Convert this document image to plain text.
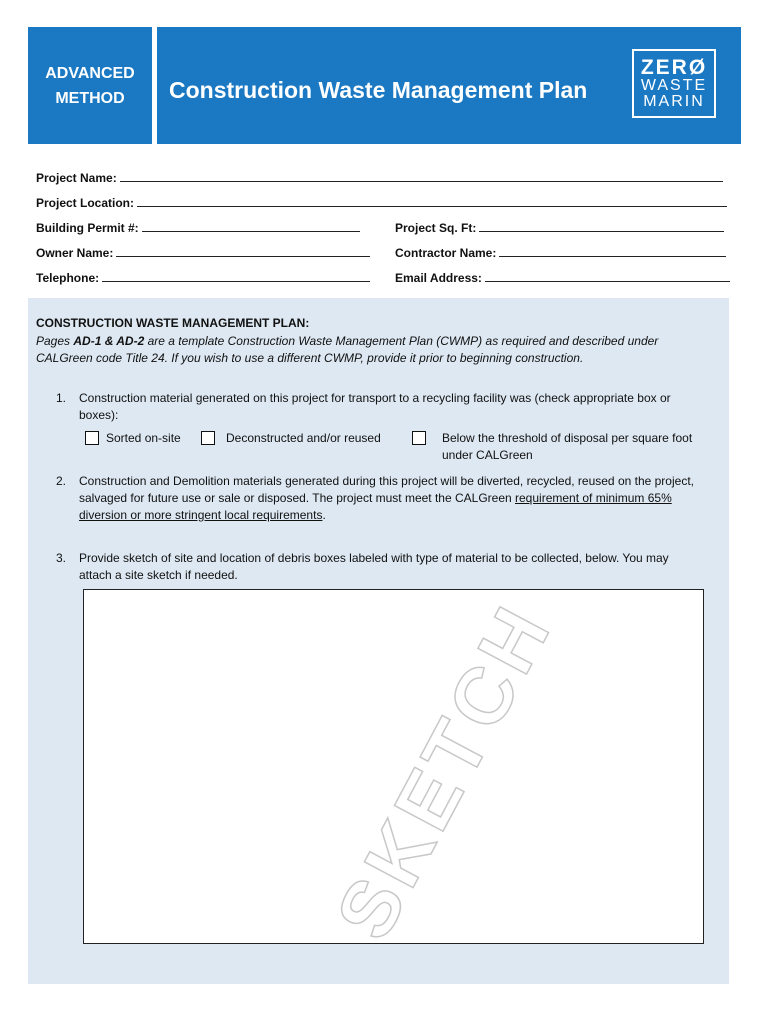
ADVANCED
METHOD	Construction Waste Management Plan
ZERØ
WASTE
MARIN
Project Name:
Project Location:
Building Permit #:	Project Sq. Ft:
Owner Name:	Contractor Name:
Telephone:	Email Address:
CONSTRUCTION WASTE MANAGEMENT PLAN:
Pages AD-1 & AD-2 are a template Construction Waste Management Plan (CWMP) as required and described under CALGreen code Title 24. If you wish to use a different CWMP, provide it prior to beginning construction.
1. Construction material generated on this project for transport to a recycling facility was (check appropriate box or boxes):
Sorted on-site	Deconstructed and/or reused	Below the threshold of disposal per square foot
under CALGreen
2. Construction and Demolition materials generated during this project will be diverted, recycled, reused on the project, salvaged for future use or sale or disposed. The project must meet the CALGreen requirement of minimum 65% diversion or more stringent local requirements.
3. Provide sketch of site and location of debris boxes labeled with type of material to be collected, below. You may attach a site sketch if needed.
SKETCH
